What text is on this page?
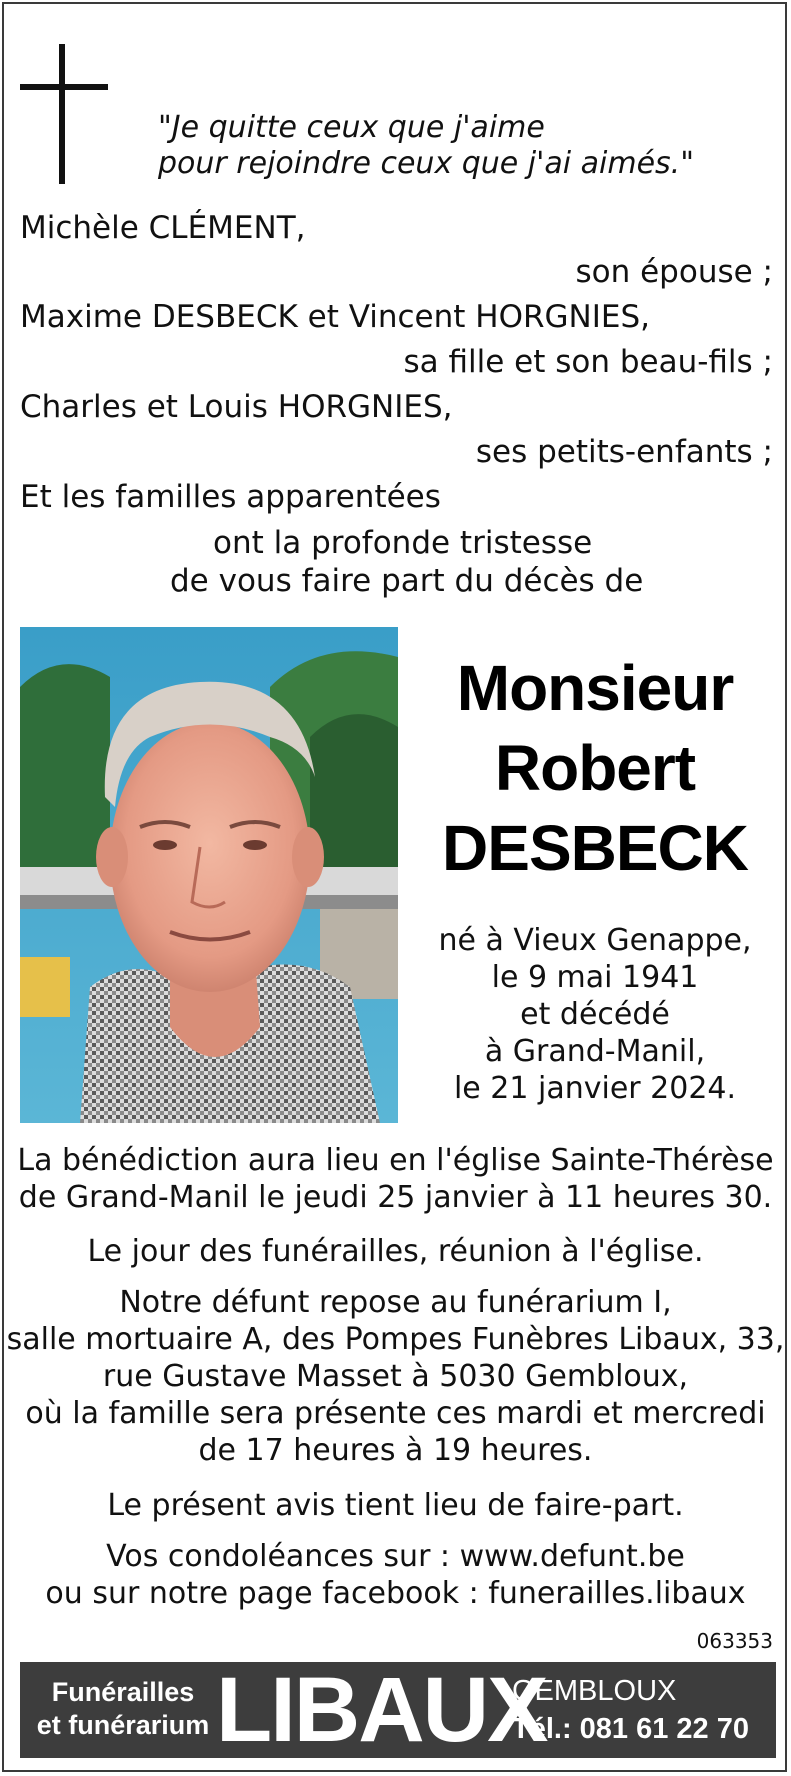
"Je quitte ceux que j'aime
pour rejoindre ceux que j'ai aimés."
Michèle CLÉMENT,
son épouse ;
Maxime DESBECK et Vincent HORGNIES,
sa fille et son beau-fils ;
Charles et Louis HORGNIES,
ses petits-enfants ;
Et les familles apparentées
ont la profonde tristesse
de vous faire part du décès de
Monsieur
Robert
DESBECK
né à Vieux Genappe,
le 9 mai 1941
et décédé
à Grand-Manil,
le 21 janvier 2024.
La bénédiction aura lieu en l'église Sainte-Thérèse
de Grand-Manil le jeudi 25 janvier à 11 heures 30.
Le jour des funérailles, réunion à l'église.
Notre défunt repose au funérarium I,
salle mortuaire A, des Pompes Funèbres Libaux, 33,
rue Gustave Masset à 5030 Gembloux,
où la famille sera présente ces mardi et mercredi
de 17 heures à 19 heures.
Le présent avis tient lieu de faire-part.
Vos condoléances sur : www.defunt.be
ou sur notre page facebook : funerailles.libaux
063353
Funérailles
et funérarium LIBAUX
GEMBLOUX
Tél.: 081 61 22 70
